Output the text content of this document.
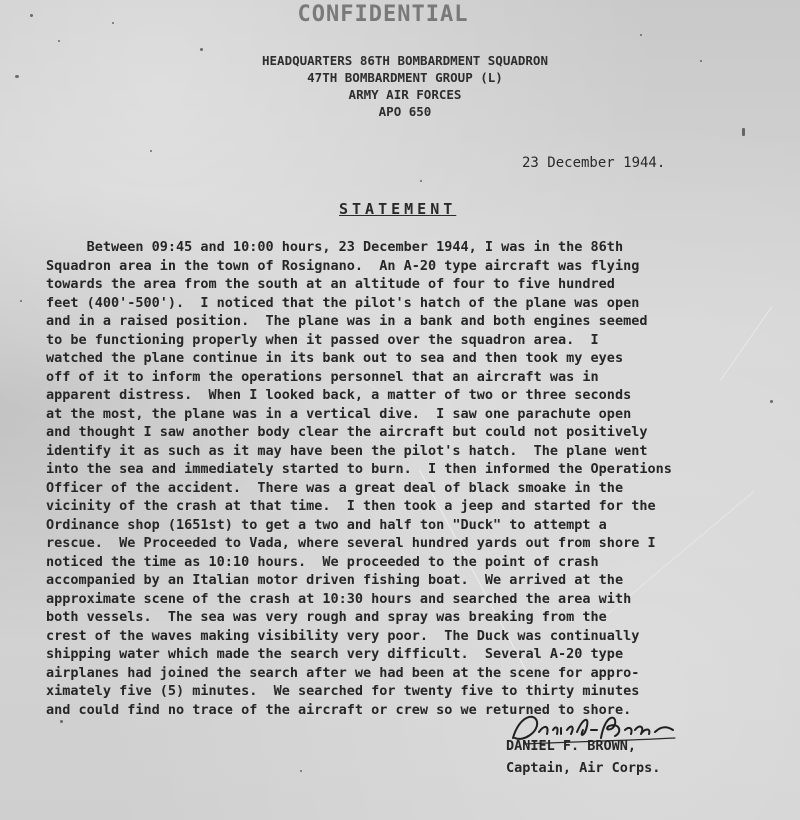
CONFIDENTIAL
HEADQUARTERS 86TH BOMBARDMENT SQUADRON
47TH BOMBARDMENT GROUP (L)
ARMY AIR FORCES
APO 650
23 December 1944.
STATEMENT
Between 09:45 and 10:00 hours, 23 December 1944, I was in the 86th
Squadron area in the town of Rosignano.  An A-20 type aircraft was flying
towards the area from the south at an altitude of four to five hundred
feet (400'-500').  I noticed that the pilot's hatch of the plane was open
and in a raised position.  The plane was in a bank and both engines seemed
to be functioning properly when it passed over the squadron area.  I
watched the plane continue in its bank out to sea and then took my eyes
off of it to inform the operations personnel that an aircraft was in
apparent distress.  When I looked back, a matter of two or three seconds
at the most, the plane was in a vertical dive.  I saw one parachute open
and thought I saw another body clear the aircraft but could not positively
identify it as such as it may have been the pilot's hatch.  The plane went
into the sea and immediately started to burn.  I then informed the Operations
Officer of the accident.  There was a great deal of black smoake in the
vicinity of the crash at that time.  I then took a jeep and started for the
Ordinance shop (1651st) to get a two and half ton "Duck" to attempt a
rescue.  We Proceeded to Vada, where several hundred yards out from shore I
noticed the time as 10:10 hours.  We proceeded to the point of crash
accompanied by an Italian motor driven fishing boat.  We arrived at the
approximate scene of the crash at 10:30 hours and searched the area with
both vessels.  The sea was very rough and spray was breaking from the
crest of the waves making visibility very poor.  The Duck was continually
shipping water which made the search very difficult.  Several A-20 type
airplanes had joined the search after we had been at the scene for appro-
ximately five (5) minutes.  We searched for twenty five to thirty minutes
and could find no trace of the aircraft or crew so we returned to shore.
DANIEL F. BROWN,
Captain, Air Corps.
